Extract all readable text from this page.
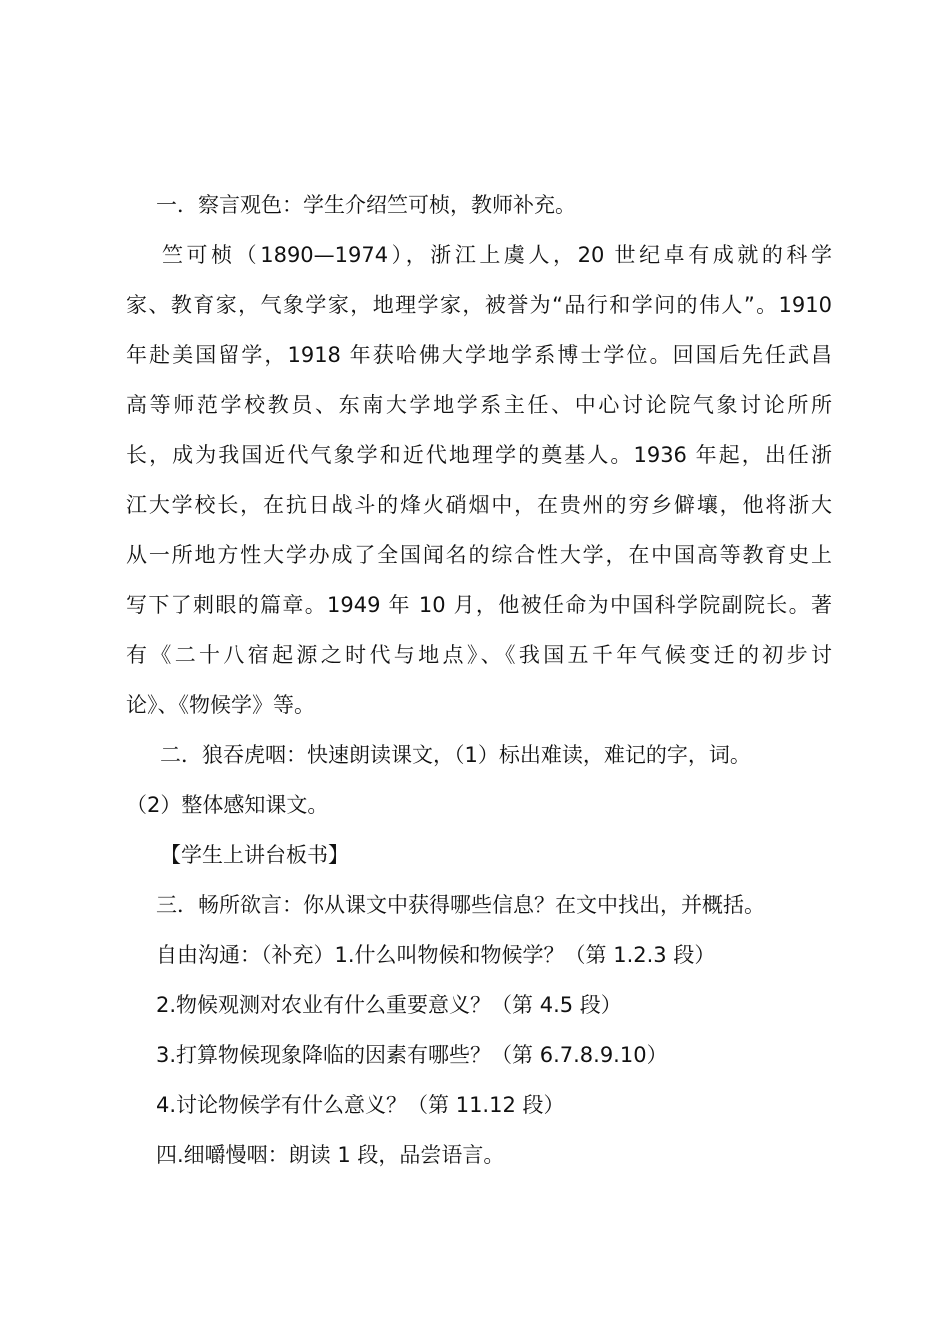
一．察言观色：学生介绍竺可桢，教师补充。

竺可桢（1890—1974），浙江上虞人，20 世纪卓有成就的科学

家、教育家，气象学家，地理学家，被誉为“品行和学问的伟人”。1910

年赴美国留学，1918 年获哈佛大学地学系博士学位。回国后先任武昌

高等师范学校教员、东南大学地学系主任、中心讨论院气象讨论所所

长，成为我国近代气象学和近代地理学的奠基人。1936 年起，出任浙

江大学校长，在抗日战斗的烽火硝烟中，在贵州的穷乡僻壤，他将浙大

从一所地方性大学办成了全国闻名的综合性大学，在中国高等教育史上

写下了刺眼的篇章。1949 年 10 月，他被任命为中国科学院副院长。著

有《二十八宿起源之时代与地点》、《我国五千年气候变迁的初步讨

论》、《物候学》等。

二．狼吞虎咽：快速朗读课文，（1）标出难读，难记的字，词。

（2）整体感知课文。

【学生上讲台板书】

三．畅所欲言：你从课文中获得哪些信息？在文中找出，并概括。

自由沟通：（补充）1.什么叫物候和物候学？（第 1.2.3 段）

2.物候观测对农业有什么重要意义？（第 4.5 段）

3.打算物候现象降临的因素有哪些？（第 6.7.8.9.10）

4.讨论物候学有什么意义？（第 11.12 段）

四.细嚼慢咽：朗读 1 段，品尝语言。
